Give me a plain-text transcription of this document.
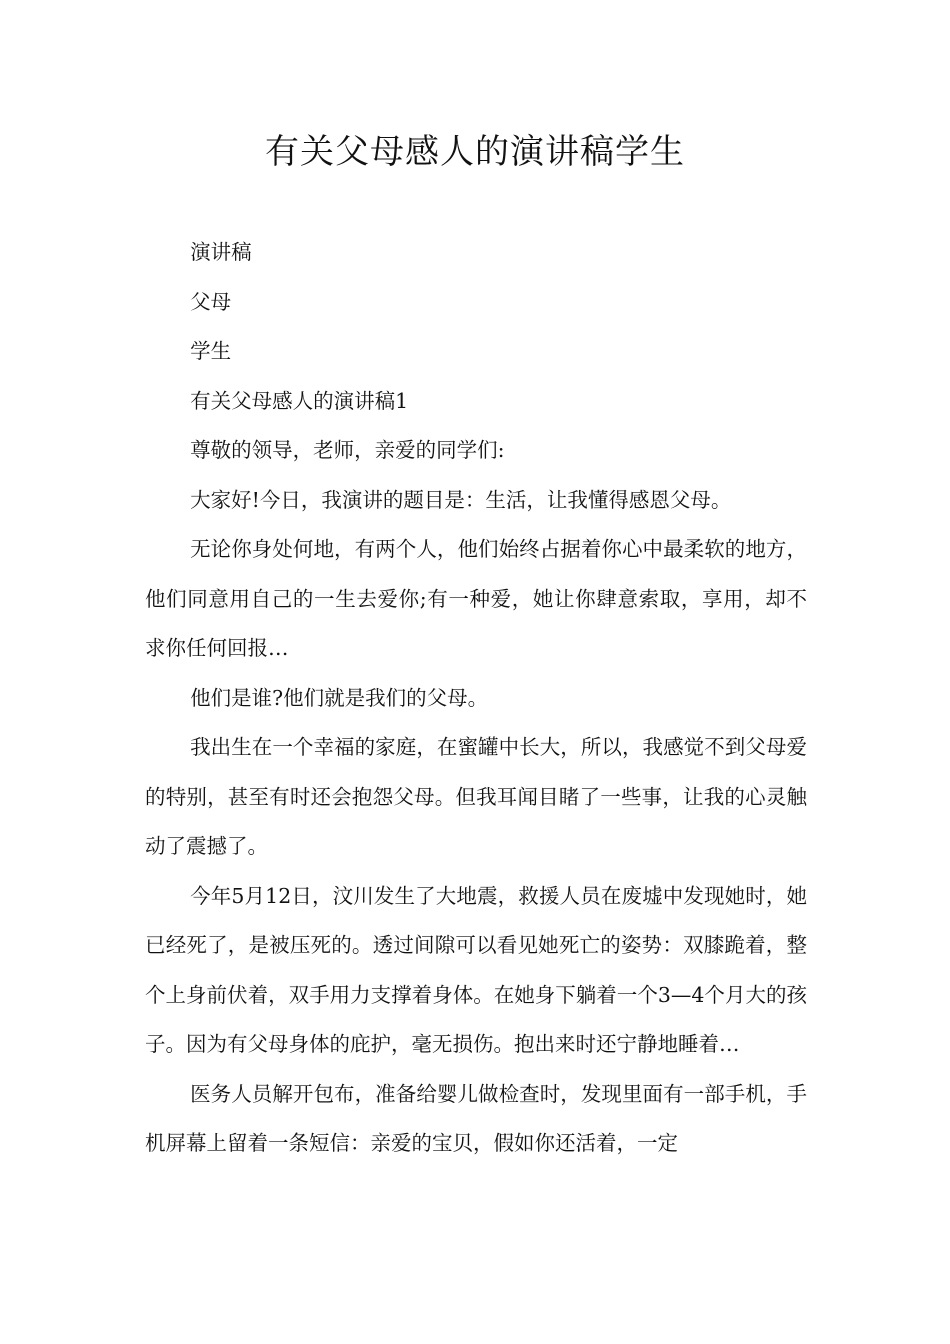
有关父母感人的演讲稿学生

演讲稿

父母

学生

有关父母感人的演讲稿1

尊敬的领导，老师，亲爱的同学们:

大家好!今日，我演讲的题目是：生活，让我懂得感恩父母。

无论你身处何地，有两个人，他们始终占据着你心中最柔软的地方，他们同意用自己的一生去爱你;有一种爱，她让你肆意索取，享用，却不求你任何回报…

他们是谁?他们就是我们的父母。

我出生在一个幸福的家庭，在蜜罐中长大，所以，我感觉不到父母爱的特别，甚至有时还会抱怨父母。但我耳闻目睹了一些事，让我的心灵触动了震撼了。

今年5月12日，汶川发生了大地震，救援人员在废墟中发现她时，她已经死了，是被压死的。透过间隙可以看见她死亡的姿势：双膝跪着，整个上身前伏着，双手用力支撑着身体。在她身下躺着一个3—4个月大的孩子。因为有父母身体的庇护，毫无损伤。抱出来时还宁静地睡着…

医务人员解开包布，准备给婴儿做检查时，发现里面有一部手机，手机屏幕上留着一条短信：亲爱的宝贝，假如你还活着，一定
